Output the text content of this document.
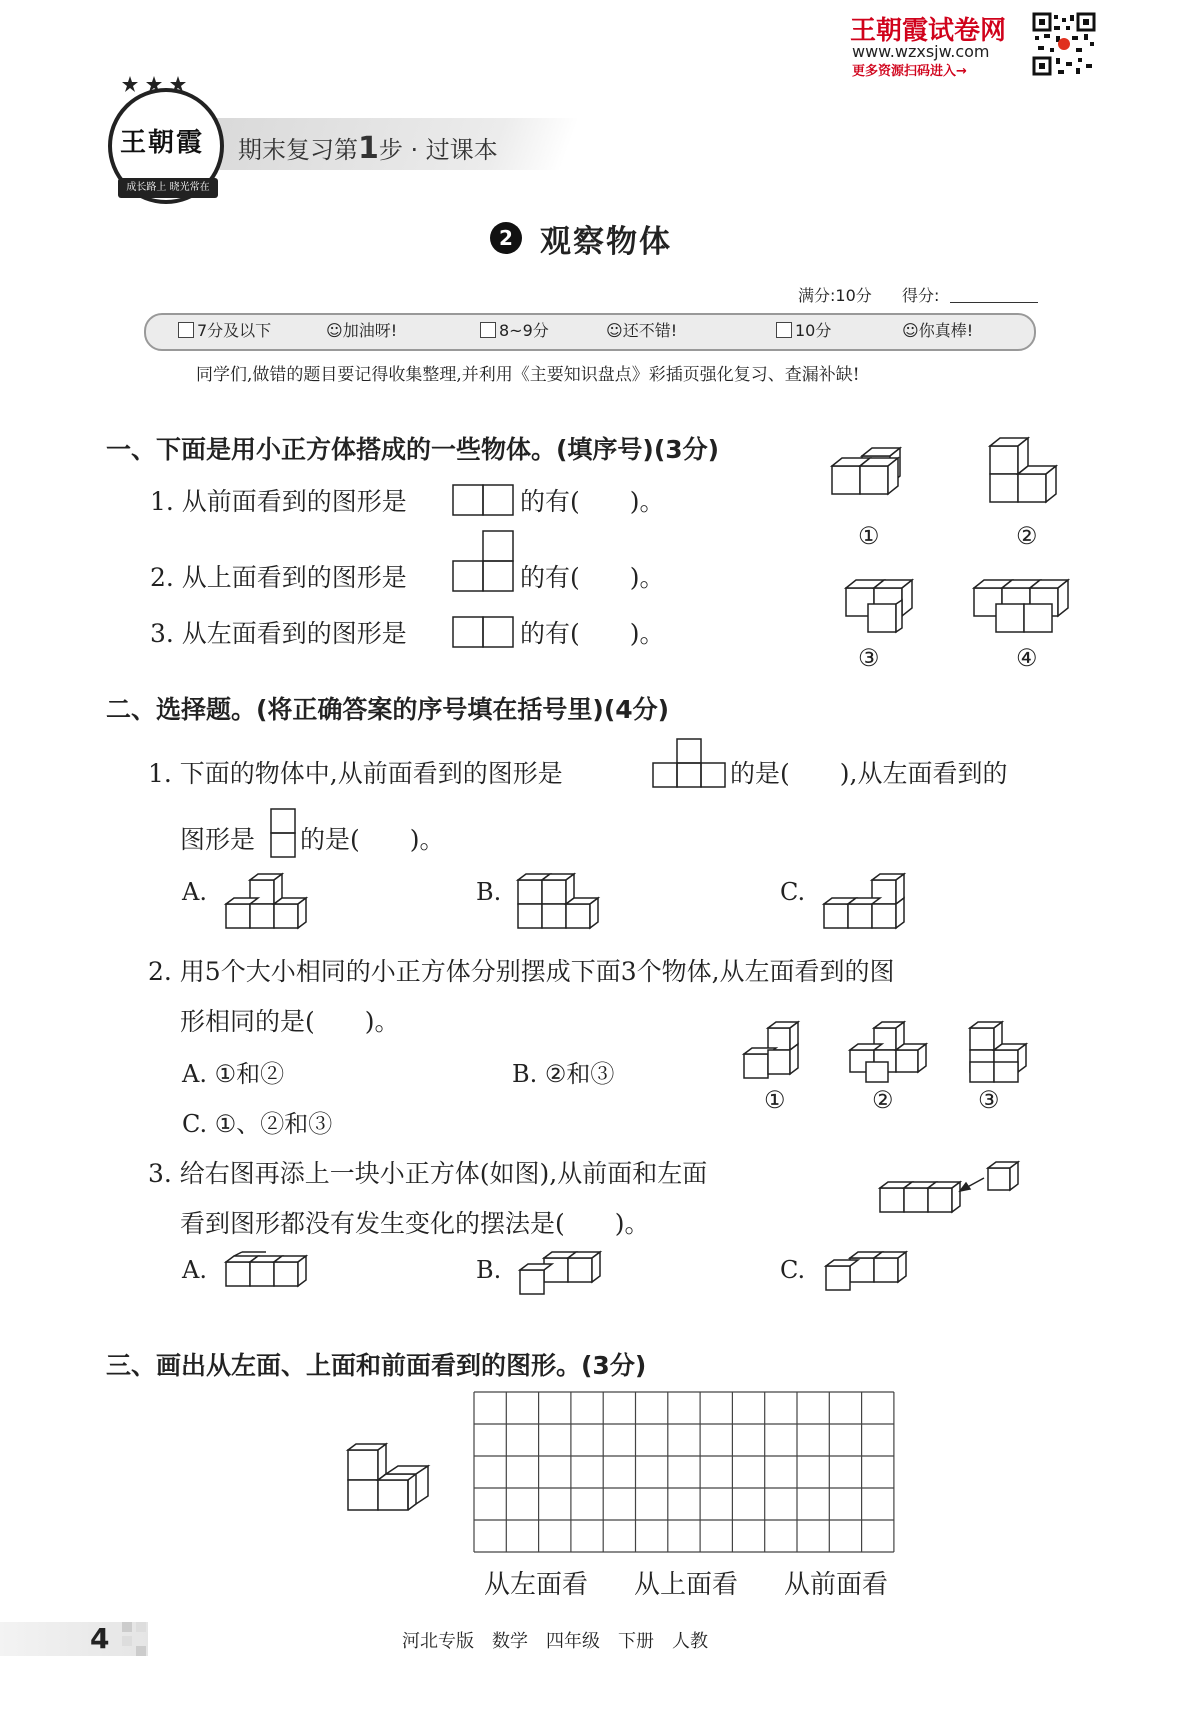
王朝霞试卷网
www.wzxsjw.com
更多资源扫码进入→
期末复习第1步 · 过课本
王朝霞
成长路上 晓光常在
2 观察物体
满分:10分 得分:
7分及以下	☺加油呀!	8~9分	☺还不错!	10分	☺你真棒!
同学们,做错的题目要记得收集整理,并利用《主要知识盘点》彩插页强化复习、查漏补缺!
一、下面是用小正方体搭成的一些物体。(填序号)(3分)
1. 从前面看到的图形是	的有(　　)。
2. 从上面看到的图形是	的有(　　)。
3. 从左面看到的图形是	的有(　　)。
①	②
③	④
二、选择题。(将正确答案的序号填在括号里)(4分)
1. 下面的物体中,从前面看到的图形是	的是(　　),从左面看到的
图形是 的是(　　)。
A.	B.	C.
2. 用5个大小相同的小正方体分别摆成下面3个物体,从左面看到的图
形相同的是(　　)。
A. ①和②	B. ②和③
C. ①、②和③
①	②	③
3. 给右图再添上一块小正方体(如图),从前面和左面
看到图形都没有发生变化的摆法是(　　)。
A.	B.	C.
三、画出从左面、上面和前面看到的图形。(3分)
从左面看 从上面看 从前面看
4	河北专版　数学　四年级　下册　人教
